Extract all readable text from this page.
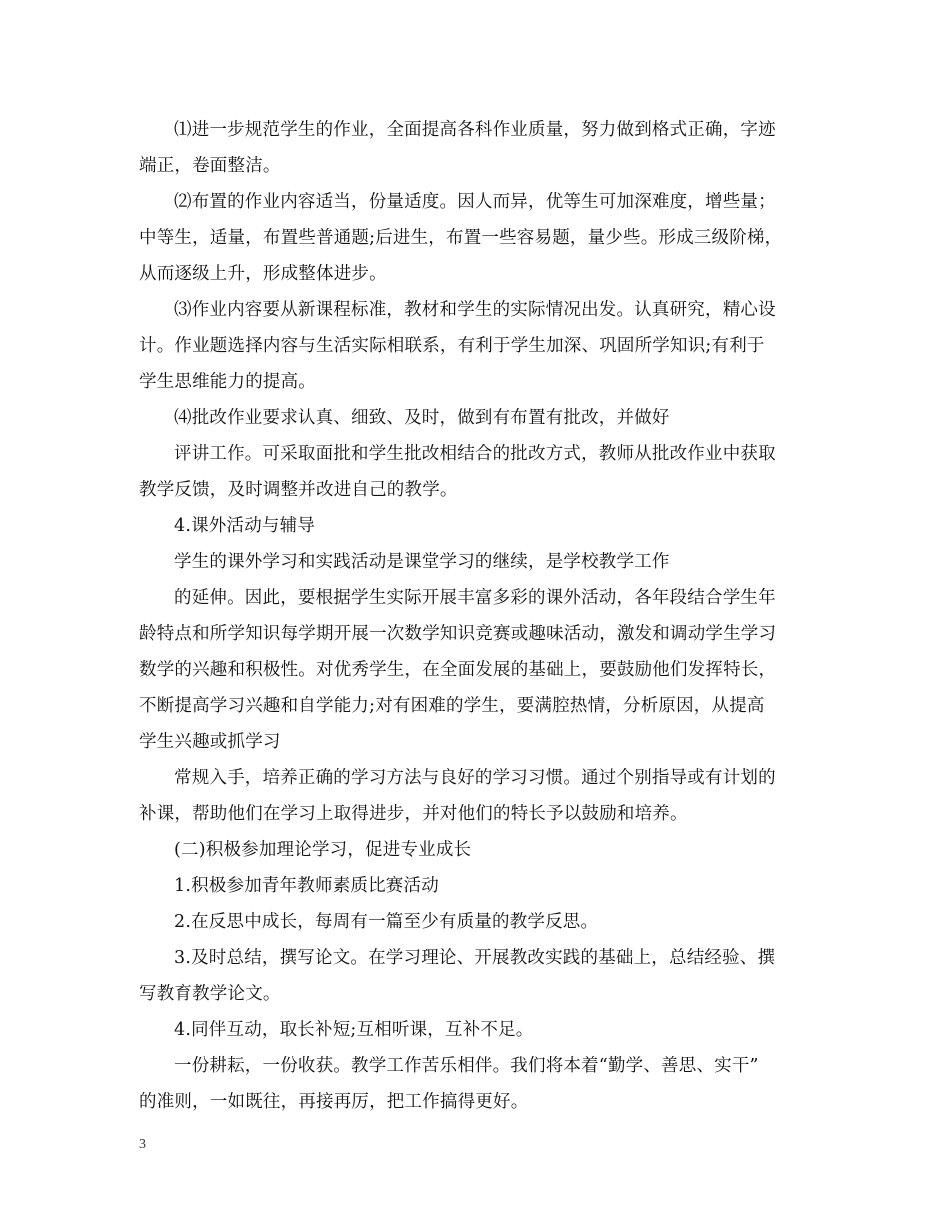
⑴进一步规范学生的作业，全面提高各科作业质量，努力做到格式正确，字迹
端正，卷面整洁。
⑵布置的作业内容适当，份量适度。因人而异，优等生可加深难度，增些量；
中等生，适量，布置些普通题;后进生，布置一些容易题，量少些。形成三级阶梯，
从而逐级上升，形成整体进步。
⑶作业内容要从新课程标准，教材和学生的实际情况出发。认真研究，精心设
计。作业题选择内容与生活实际相联系，有利于学生加深、巩固所学知识;有利于
学生思维能力的提高。
⑷批改作业要求认真、细致、及时，做到有布置有批改，并做好
评讲工作。可采取面批和学生批改相结合的批改方式，教师从批改作业中获取
教学反馈，及时调整并改进自己的教学。
4.课外活动与辅导
学生的课外学习和实践活动是课堂学习的继续，是学校教学工作
的延伸。因此，要根据学生实际开展丰富多彩的课外活动，各年段结合学生年
龄特点和所学知识每学期开展一次数学知识竞赛或趣味活动，激发和调动学生学习
数学的兴趣和积极性。对优秀学生，在全面发展的基础上，要鼓励他们发挥特长，
不断提高学习兴趣和自学能力;对有困难的学生，要满腔热情，分析原因，从提高
学生兴趣或抓学习
常规入手，培养正确的学习方法与良好的学习习惯。通过个别指导或有计划的
补课，帮助他们在学习上取得进步，并对他们的特长予以鼓励和培养。
(二)积极参加理论学习，促进专业成长
1.积极参加青年教师素质比赛活动
2.在反思中成长，每周有一篇至少有质量的教学反思。
3.及时总结，撰写论文。在学习理论、开展教改实践的基础上，总结经验、撰
写教育教学论文。
4.同伴互动，取长补短;互相听课，互补不足。
一份耕耘，一份收获。教学工作苦乐相伴。我们将本着“勤学、善思、实干”
的准则，一如既往，再接再厉，把工作搞得更好。
3
